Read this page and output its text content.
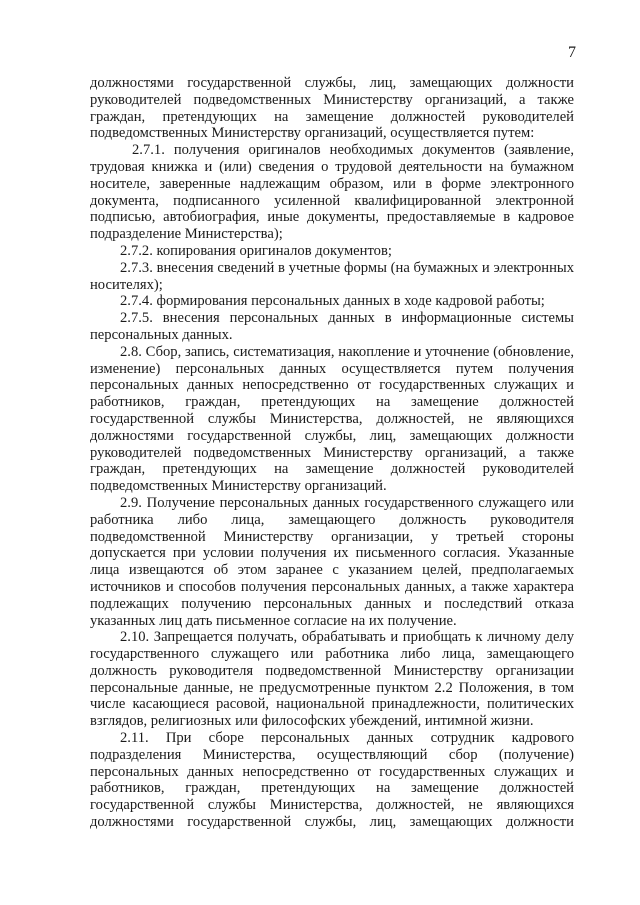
7
должностями государственной службы, лиц, замещающих должности
руководителей подведомственных Министерству организаций, а также
граждан, претендующих на замещение должностей руководителей
подведомственных Министерству организаций, осуществляется путем:
2.7.1. получения оригиналов необходимых документов (заявление,
трудовая книжка и (или) сведения о трудовой деятельности на бумажном
носителе, заверенные надлежащим образом, или в форме электронного
документа, подписанного усиленной квалифицированной электронной
подписью, автобиография, иные документы, предоставляемые в кадровое
подразделение Министерства);
2.7.2. копирования оригиналов документов;
2.7.3. внесения сведений в учетные формы (на бумажных и электронных
носителях);
2.7.4. формирования персональных данных в ходе кадровой работы;
2.7.5. внесения персональных данных в информационные системы
персональных данных.
2.8. Сбор, запись, систематизация, накопление и уточнение (обновление,
изменение) персональных данных осуществляется путем получения
персональных данных непосредственно от государственных служащих и
работников, граждан, претендующих на замещение должностей
государственной службы Министерства, должностей, не являющихся
должностями государственной службы, лиц, замещающих должности
руководителей подведомственных Министерству организаций, а также
граждан, претендующих на замещение должностей руководителей
подведомственных Министерству организаций.
2.9. Получение персональных данных государственного служащего или
работника либо лица, замещающего должность руководителя
подведомственной Министерству организации, у третьей стороны
допускается при условии получения их письменного согласия. Указанные
лица извещаются об этом заранее с указанием целей, предполагаемых
источников и способов получения персональных данных, а также характера
подлежащих получению персональных данных и последствий отказа
указанных лиц дать письменное согласие на их получение.
2.10. Запрещается получать, обрабатывать и приобщать к личному делу
государственного служащего или работника либо лица, замещающего
должность руководителя подведомственной Министерству организации
персональные данные, не предусмотренные пунктом 2.2 Положения, в том
числе касающиеся расовой, национальной принадлежности, политических
взглядов, религиозных или философских убеждений, интимной жизни.
2.11. При сборе персональных данных сотрудник кадрового
подразделения Министерства, осуществляющий сбор (получение)
персональных данных непосредственно от государственных служащих и
работников, граждан, претендующих на замещение должностей
государственной службы Министерства, должностей, не являющихся
должностями государственной службы, лиц, замещающих должности
